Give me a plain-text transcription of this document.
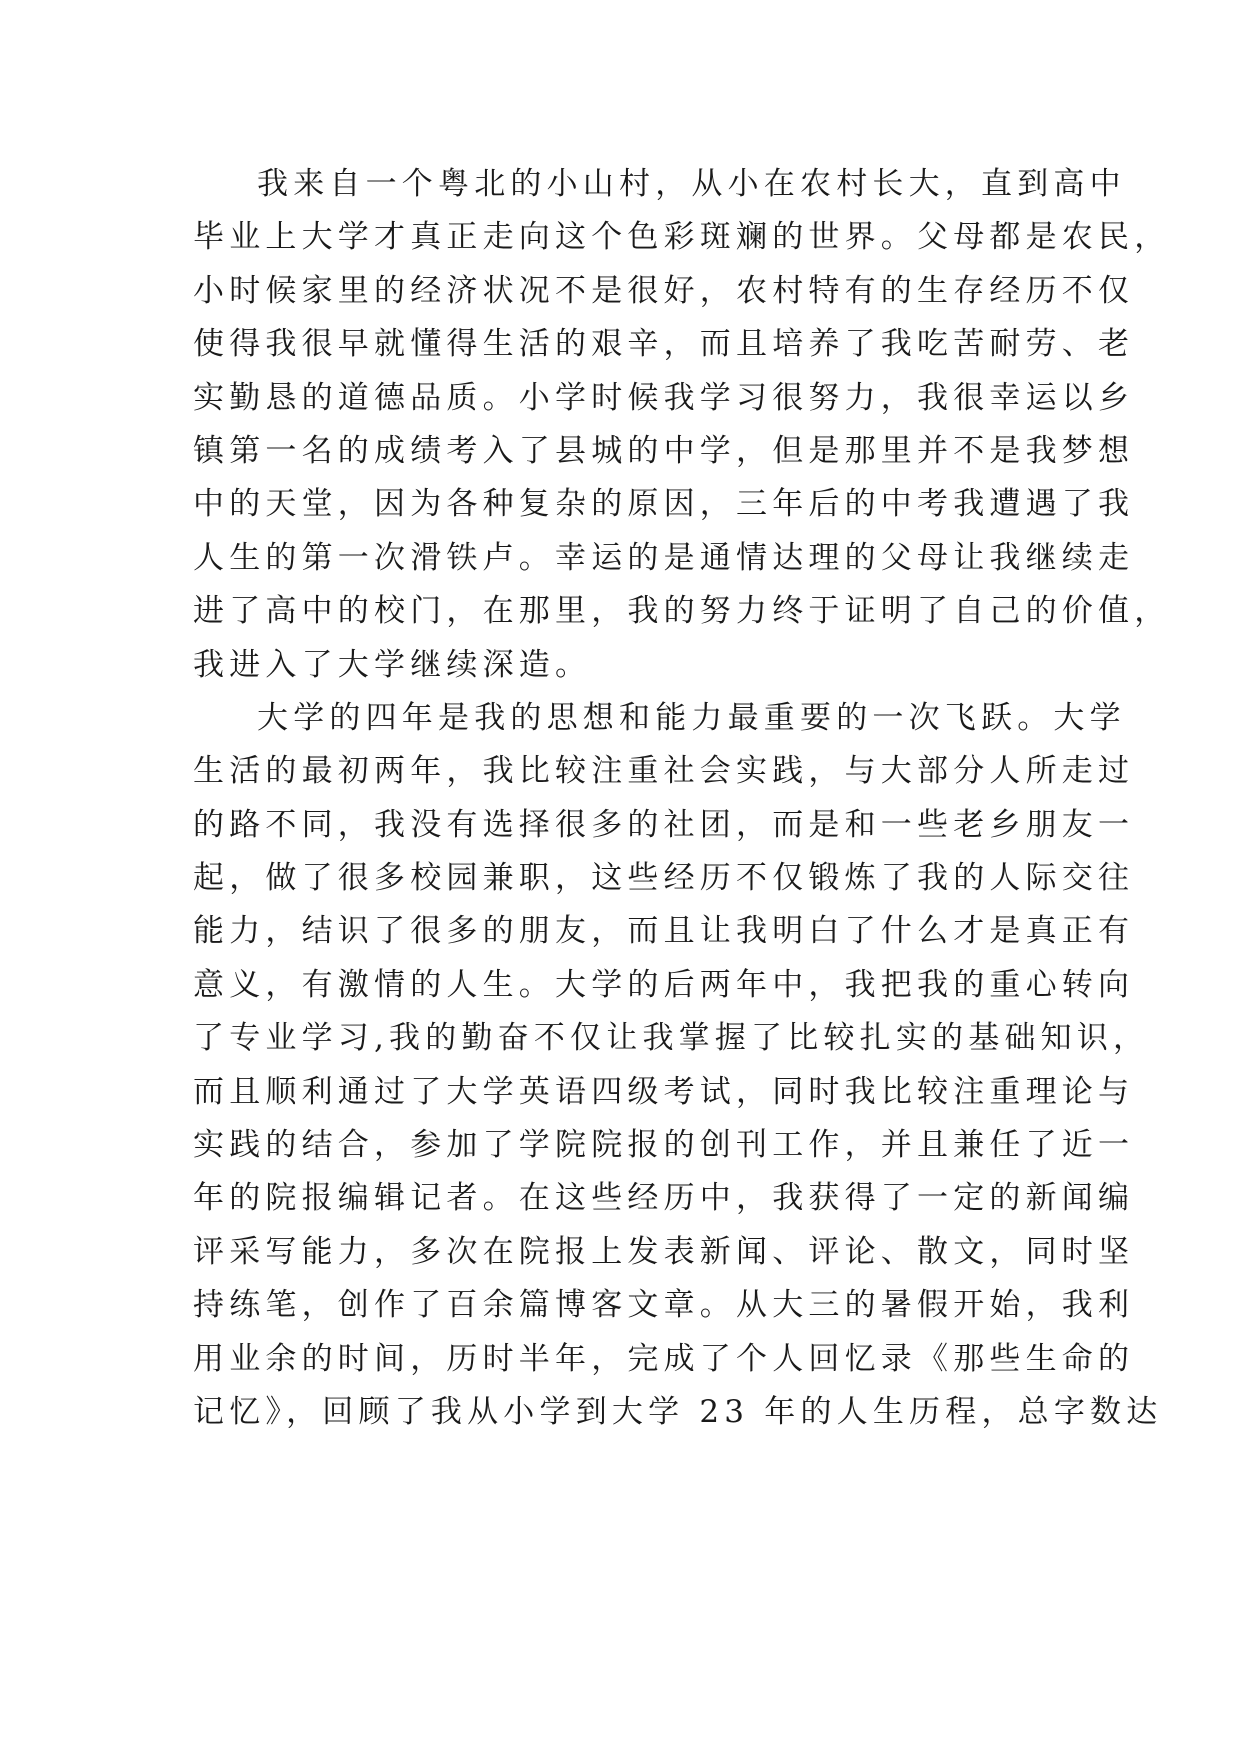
我来自一个粤北的小山村，从小在农村长大，直到高中
毕业上大学才真正走向这个色彩斑斓的世界。父母都是农民，
小时候家里的经济状况不是很好，农村特有的生存经历不仅
使得我很早就懂得生活的艰辛，而且培养了我吃苦耐劳、老
实勤恳的道德品质。小学时候我学习很努力，我很幸运以乡
镇第一名的成绩考入了县城的中学，但是那里并不是我梦想
中的天堂，因为各种复杂的原因，三年后的中考我遭遇了我
人生的第一次滑铁卢。幸运的是通情达理的父母让我继续走
进了高中的校门，在那里，我的努力终于证明了自己的价值，
我进入了大学继续深造。
大学的四年是我的思想和能力最重要的一次飞跃。大学
生活的最初两年，我比较注重社会实践，与大部分人所走过
的路不同，我没有选择很多的社团，而是和一些老乡朋友一
起，做了很多校园兼职，这些经历不仅锻炼了我的人际交往
能力，结识了很多的朋友，而且让我明白了什么才是真正有
意义，有激情的人生。大学的后两年中，我把我的重心转向
了专业学习,我的勤奋不仅让我掌握了比较扎实的基础知识，
而且顺利通过了大学英语四级考试，同时我比较注重理论与
实践的结合，参加了学院院报的创刊工作，并且兼任了近一
年的院报编辑记者。在这些经历中，我获得了一定的新闻编
评采写能力，多次在院报上发表新闻、评论、散文，同时坚
持练笔，创作了百余篇博客文章。从大三的暑假开始，我利
用业余的时间，历时半年，完成了个人回忆录《那些生命的
记忆》，回顾了我从小学到大学 23 年的人生历程，总字数达
